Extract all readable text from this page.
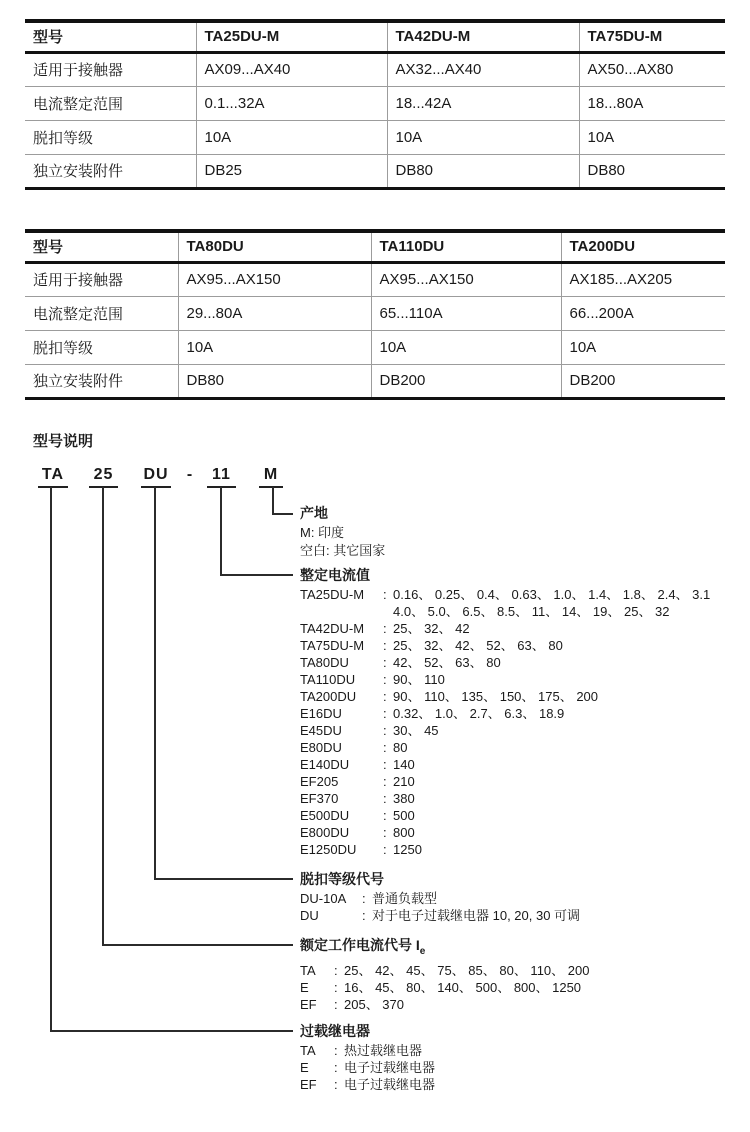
型号	TA25DU-M	TA42DU-M	TA75DU-M
适用于接触器	AX09...AX40	AX32...AX40	AX50...AX80
电流整定范围	0.1...32A	18...42A	18...80A
脱扣等级	10A	10A	10A
独立安装附件	DB25	DB80	DB80
型号	TA80DU	TA110DU	TA200DU
适用于接触器	AX95...AX150	AX95...AX150	AX185...AX205
电流整定范围	29...80A	65...110A	66...200A
脱扣等级	10A	10A	10A
独立安装附件	DB80	DB200	DB200
型号说明
TA 25 DU -	11	M
产地
M: 印度
空白: 其它国家
整定电流值
TA25DU-M	: 0.16、 0.25、 0.4、 0.63、 1.0、 1.4、 1.8、 2.4、 3.1
4.0、 5.0、 6.5、 8.5、 11、 14、 19、 25、 32
TA42DU-M	: 25、 32、 42
TA75DU-M	: 25、 32、 42、 52、 63、 80
TA80DU	: 42、 52、 63、 80
TA110DU	: 90、 110
TA200DU	: 90、 110、 135、 150、 175、 200
E16DU	: 0.32、 1.0、 2.7、 6.3、 18.9
E45DU	: 30、 45
E80DU	: 80
E140DU	: 140
EF205	: 210
EF370	: 380
E500DU	: 500
E800DU	: 800
E1250DU	: 1250
脱扣等级代号
DU-10A	: 普通负载型
DU	: 对于电子过载继电器 10, 20, 30 可调
额定工作电流代号 $I_e$
TA	: 25、 42、 45、 75、 85、 80、 110、 200
E	: 16、 45、 80、 140、 500、 800、 1250
EF	: 205、 370
过载继电器
TA	: 热过载继电器
E	: 电子过载继电器
EF	: 电子过载继电器
